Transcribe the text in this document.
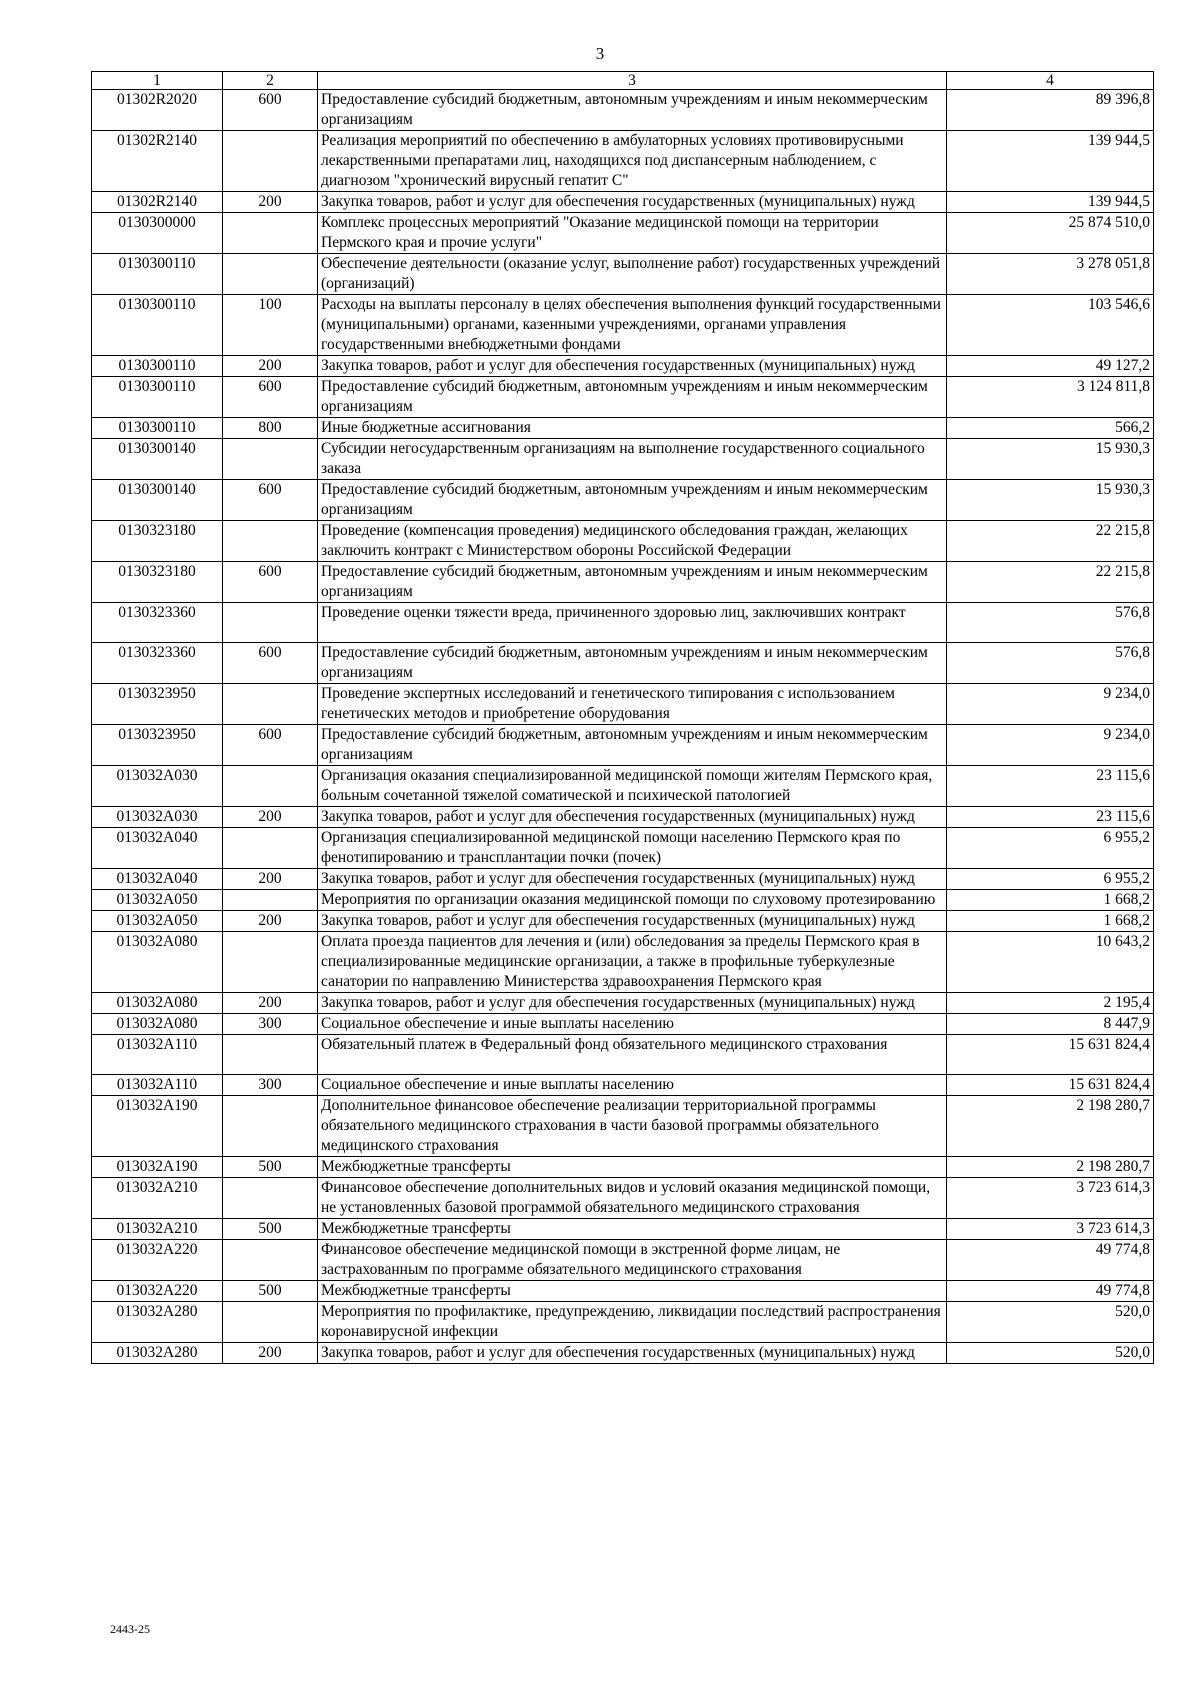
3
1	2	3	4
01302R2020	600	Предоставление субсидий бюджетным, автономным учреждениям и иным некоммерческим организациям	89 396,8
01302R2140		Реализация мероприятий по обеспечению в амбулаторных условиях противовирусными лекарственными препаратами лиц, находящихся под диспансерным наблюдением, с диагнозом "хронический вирусный гепатит С"	139 944,5
01302R2140	200	Закупка товаров, работ и услуг для обеспечения государственных (муниципальных) нужд	139 944,5
0130300000		Комплекс процессных мероприятий "Оказание медицинской помощи на территории Пермского края и прочие услуги"	25 874 510,0
0130300110		Обеспечение деятельности (оказание услуг, выполнение работ) государственных учреждений (организаций)	3 278 051,8
0130300110	100	Расходы на выплаты персоналу в целях обеспечения выполнения функций государственными (муниципальными) органами, казенными учреждениями, органами управления государственными внебюджетными фондами	103 546,6
0130300110	200	Закупка товаров, работ и услуг для обеспечения государственных (муниципальных) нужд	49 127,2
0130300110	600	Предоставление субсидий бюджетным, автономным учреждениям и иным некоммерческим организациям	3 124 811,8
0130300110	800	Иные бюджетные ассигнования	566,2
0130300140		Субсидии негосударственным организациям на выполнение государственного социального заказа	15 930,3
0130300140	600	Предоставление субсидий бюджетным, автономным учреждениям и иным некоммерческим организациям	15 930,3
0130323180		Проведение (компенсация проведения) медицинского обследования граждан, желающих заключить контракт с Министерством обороны Российской Федерации	22 215,8
0130323180	600	Предоставление субсидий бюджетным, автономным учреждениям и иным некоммерческим организациям	22 215,8
0130323360		Проведение оценки тяжести вреда, причиненного здоровью лиц, заключивших контракт	576,8
0130323360	600	Предоставление субсидий бюджетным, автономным учреждениям и иным некоммерческим организациям	576,8
0130323950		Проведение экспертных исследований и генетического типирования с использованием генетических методов и приобретение оборудования	9 234,0
0130323950	600	Предоставление субсидий бюджетным, автономным учреждениям и иным некоммерческим организациям	9 234,0
013032А030		Организация оказания специализированной медицинской помощи жителям Пермского края, больным сочетанной тяжелой соматической и психической патологией	23 115,6
013032А030	200	Закупка товаров, работ и услуг для обеспечения государственных (муниципальных) нужд	23 115,6
013032А040		Организация специализированной медицинской помощи населению Пермского края по фенотипированию и трансплантации почки (почек)	6 955,2
013032А040	200	Закупка товаров, работ и услуг для обеспечения государственных (муниципальных) нужд	6 955,2
013032А050		Мероприятия по организации оказания медицинской помощи по слуховому протезированию	1 668,2
013032А050	200	Закупка товаров, работ и услуг для обеспечения государственных (муниципальных) нужд	1 668,2
013032А080		Оплата проезда пациентов для лечения и (или) обследования за пределы Пермского края в специализированные медицинские организации, а также в профильные туберкулезные санатории по направлению Министерства здравоохранения Пермского края	10 643,2
013032А080	200	Закупка товаров, работ и услуг для обеспечения государственных (муниципальных) нужд	2 195,4
013032А080	300	Социальное обеспечение и иные выплаты населению	8 447,9
013032А110		Обязательный платеж в Федеральный фонд обязательного медицинского страхования	15 631 824,4
013032А110	300	Социальное обеспечение и иные выплаты населению	15 631 824,4
013032А190		Дополнительное финансовое обеспечение реализации территориальной программы обязательного медицинского страхования в части базовой программы обязательного медицинского страхования	2 198 280,7
013032А190	500	Межбюджетные трансферты	2 198 280,7
013032А210		Финансовое обеспечение дополнительных видов и условий оказания медицинской помощи, не установленных базовой программой обязательного медицинского страхования	3 723 614,3
013032А210	500	Межбюджетные трансферты	3 723 614,3
013032А220		Финансовое обеспечение медицинской помощи в экстренной форме лицам, не застрахованным по программе обязательного медицинского страхования	49 774,8
013032А220	500	Межбюджетные трансферты	49 774,8
013032А280		Мероприятия по профилактике, предупреждению, ликвидации последствий распространения коронавирусной инфекции	520,0
013032А280	200	Закупка товаров, работ и услуг для обеспечения государственных (муниципальных) нужд	520,0
2443-25
